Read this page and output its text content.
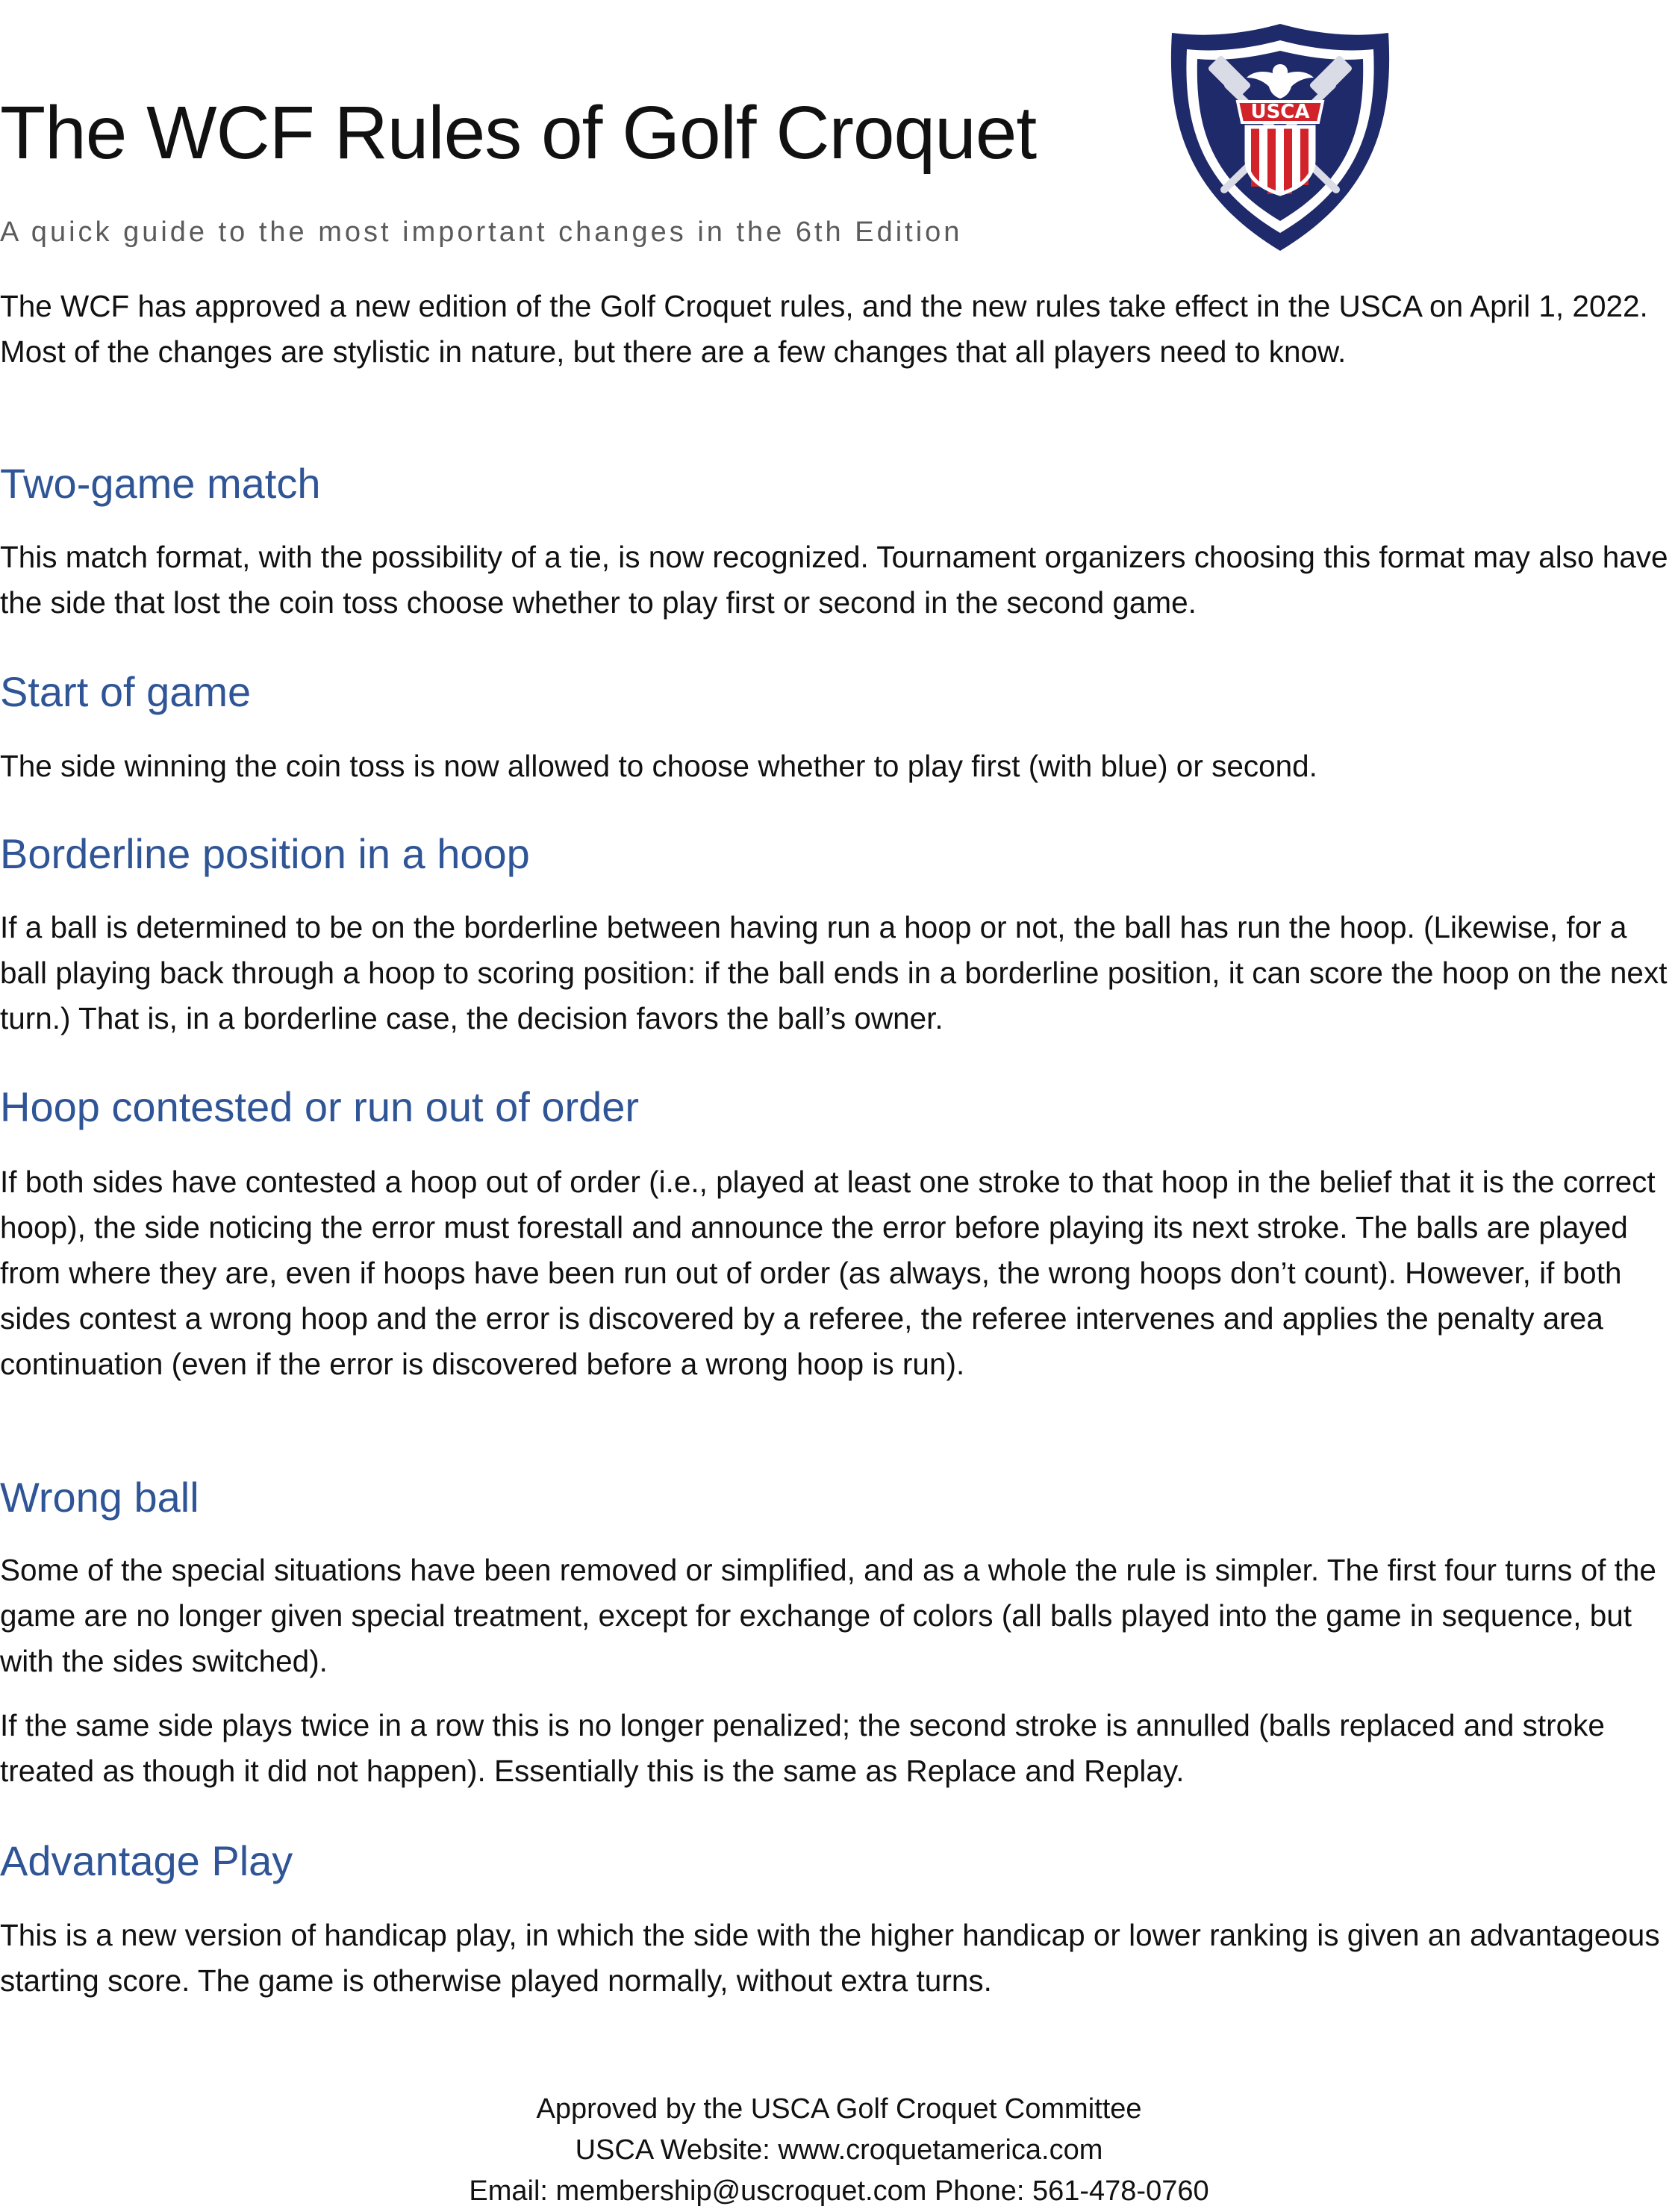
The WCF Rules of Golf Croquet

A quick guide to the most important changes in the 6th Edition

USCA

The WCF has approved a new edition of the Golf Croquet rules, and the new rules take effect in the USCA on April 1, 2022. Most of the changes are stylistic in nature, but there are a few changes that all players need to know.

Two-game match

This match format, with the possibility of a tie, is now recognized. Tournament organizers choosing this format may also have the side that lost the coin toss choose whether to play first or second in the second game.

Start of game

The side winning the coin toss is now allowed to choose whether to play first (with blue) or second.

Borderline position in a hoop

If a ball is determined to be on the borderline between having run a hoop or not, the ball has run the hoop. (Likewise, for a ball playing back through a hoop to scoring position: if the ball ends in a borderline position, it can score the hoop on the next turn.) That is, in a borderline case, the decision favors the ball’s owner.

Hoop contested or run out of order

If both sides have contested a hoop out of order (i.e., played at least one stroke to that hoop in the belief that it is the correct hoop), the side noticing the error must forestall and announce the error before playing its next stroke. The balls are played from where they are, even if hoops have been run out of order (as always, the wrong hoops don’t count). However, if both sides contest a wrong hoop and the error is discovered by a referee, the referee intervenes and applies the penalty area continuation (even if the error is discovered before a wrong hoop is run).

Wrong ball

Some of the special situations have been removed or simplified, and as a whole the rule is simpler. The first four turns of the game are no longer given special treatment, except for exchange of colors (all balls played into the game in sequence, but with the sides switched).

If the same side plays twice in a row this is no longer penalized; the second stroke is annulled (balls replaced and stroke treated as though it did not happen). Essentially this is the same as Replace and Replay.

Advantage Play

This is a new version of handicap play, in which the side with the higher handicap or lower ranking is given an advantageous starting score. The game is otherwise played normally, without extra turns.

Approved by the USCA Golf Croquet Committee
USCA Website: www.croquetamerica.com
Email: membership@uscroquet.com Phone: 561-478-0760
